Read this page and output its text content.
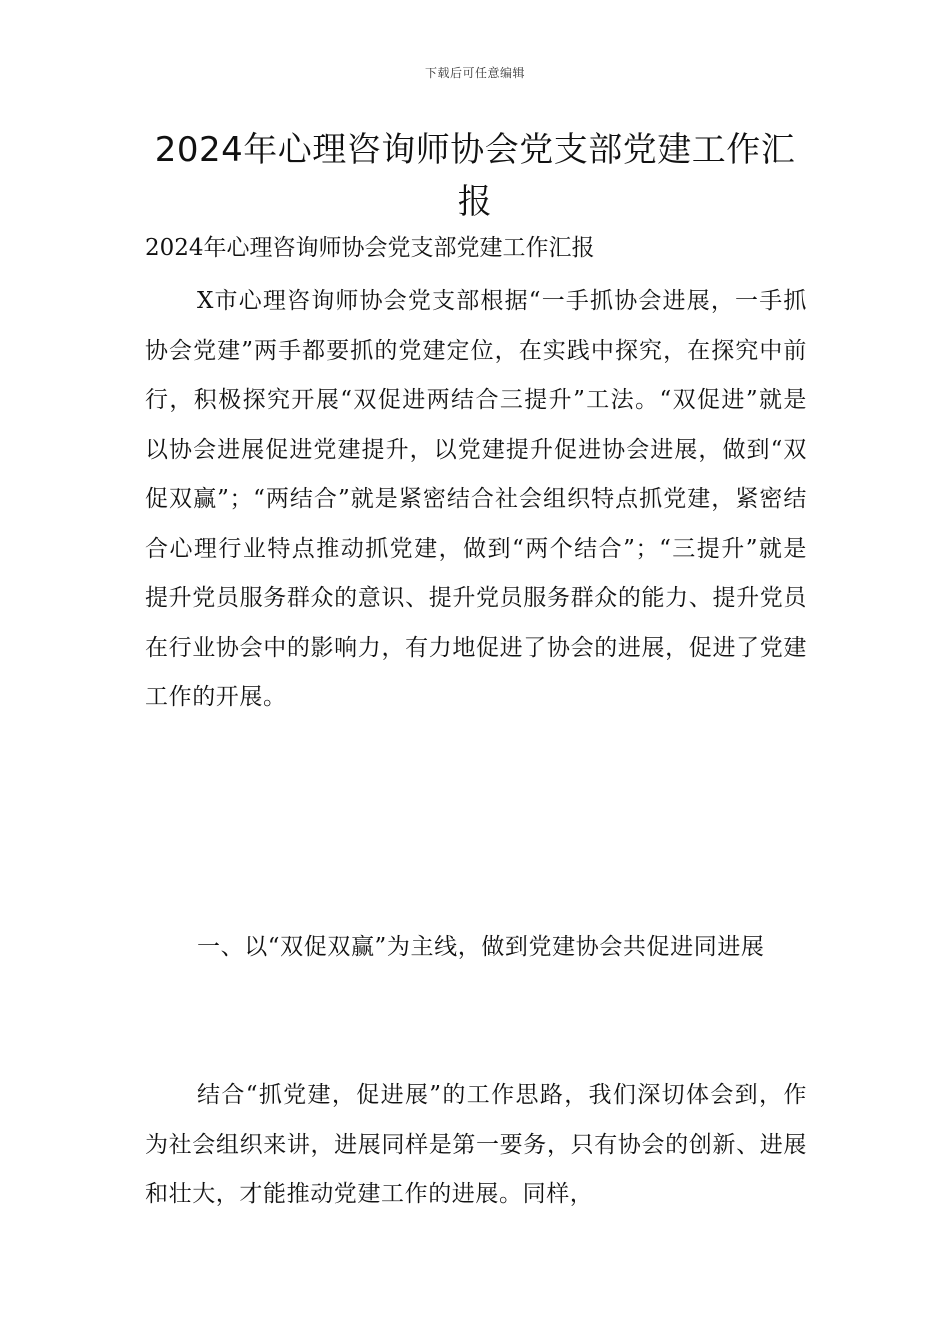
下载后可任意编辑
2024年心理咨询师协会党支部党建工作汇报

2024年心理咨询师协会党支部党建工作汇报

X市心理咨询师协会党支部根据“一手抓协会进展，一手抓协会党建”两手都要抓的党建定位，在实践中探究，在探究中前行，积极探究开展“双促进两结合三提升”工法。“双促进”就是以协会进展促进党建提升，以党建提升促进协会进展，做到“双促双赢”；“两结合”就是紧密结合社会组织特点抓党建，紧密结合心理行业特点推动抓党建，做到“两个结合”；“三提升”就是提升党员服务群众的意识、提升党员服务群众的能力、提升党员在行业协会中的影响力，有力地促进了协会的进展，促进了党建工作的开展。

一、以“双促双赢”为主线，做到党建协会共促进同进展

结合“抓党建，促进展”的工作思路，我们深切体会到，作为社会组织来讲，进展同样是第一要务，只有协会的创新、进展和壮大，才能推动党建工作的进展。同样，
